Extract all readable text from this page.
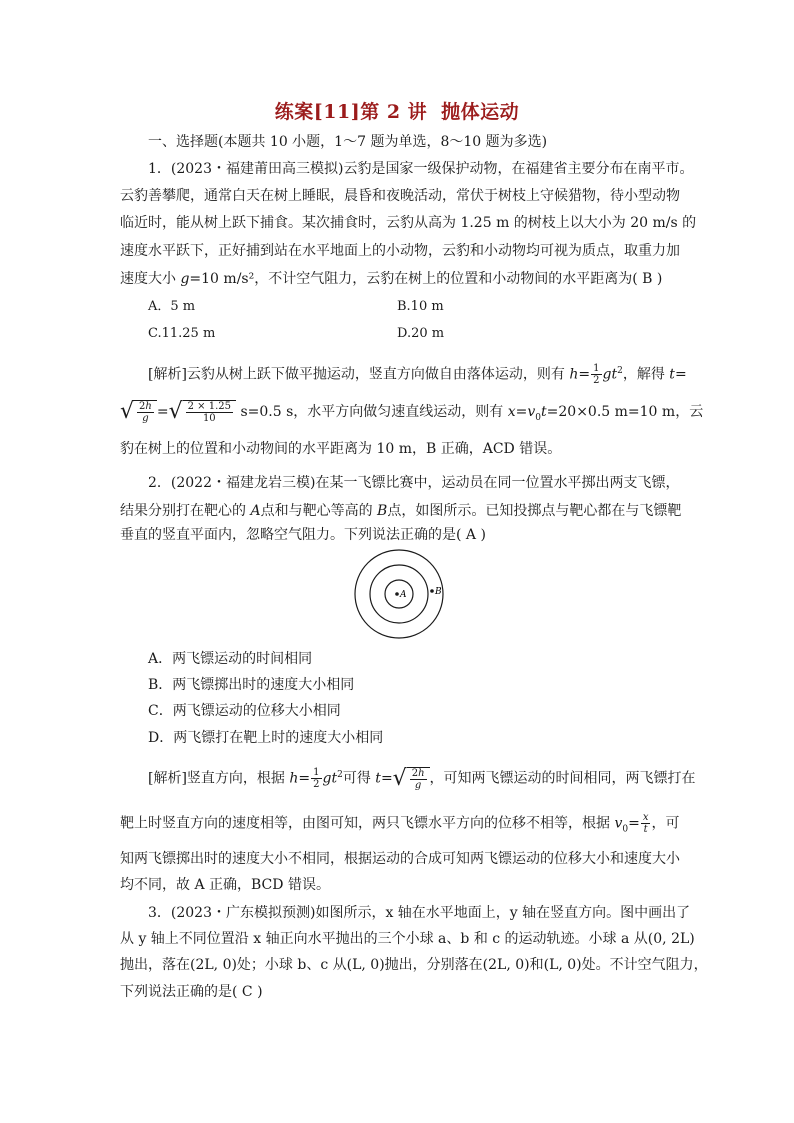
练案[11]第 2 讲 抛体运动
一、选择题(本题共 10 小题，1～7 题为单选，8～10 题为多选)
1．(2023・福建莆田高三模拟)云豹是国家一级保护动物，在福建省主要分布在南平市。
云豹善攀爬，通常白天在树上睡眠，晨昏和夜晚活动，常伏于树枝上守候猎物，待小型动物
临近时，能从树上跃下捕食。某次捕食时，云豹从高为 1.25 m 的树枝上以大小为 20 m/s 的
速度水平跃下，正好捕到站在水平地面上的小动物，云豹和小动物均可视为质点，取重力加
速度大小 g=10 m/s²，不计空气阻力，云豹在树上的位置和小动物间的水平距离为( B )
A．5 m	B.10 m
C.11.25 m	D.20 m
[解析]云豹从树上跃下做平抛运动，竖直方向做自由落体运动，则有 $h= \frac{1}{2} gt^2$，解得 t=
√ $\frac{2h}{g}$ = √ $\frac{2 \times 1.25}{10} s=0.5$ s，水平方向做匀速直线运动，则有 $x=v_0t=20\times 0.5$ m=10 m，云
豹在树上的位置和小动物间的水平距离为 10 m，B 正确，ACD 错误。
2．(2022・福建龙岩三模)在某一飞镖比赛中，运动员在同一位置水平掷出两支飞镖，
结果分别打在靶心的 A点和与靶心等高的 B点，如图所示。已知投掷点与靶心都在与飞镖靶
垂直的竖直平面内，忽略空气阻力。下列说法正确的是( A )
A	B
A．两飞镖运动的时间相同
B．两飞镖掷出时的速度大小相同
C．两飞镖运动的位移大小相同
D．两飞镖打在靶上时的速度大小相同
[解析]竖直方向，根据 $h= \frac{1}{2} gt^2$可得 t= √ $\frac{2h}{g}$ ，可知两飞镖运动的时间相同，两飞镖打在
靶上时竖直方向的速度相等，由图可知，两只飞镖水平方向的位移不相等，根据 $v_0= \frac{x}{t}$ ，可
知两飞镖掷出时的速度大小不相同，根据运动的合成可知两飞镖运动的位移大小和速度大小
均不同，故 A 正确，BCD 错误。
3．(2023・广东模拟预测)如图所示，x 轴在水平地面上，y 轴在竖直方向。图中画出了
从 y 轴上不同位置沿 x 轴正向水平抛出的三个小球 a、b 和 c 的运动轨迹。小球 a 从(0, 2L)
抛出，落在(2L, 0)处；小球 b、c 从(L, 0)抛出，分别落在(2L, 0)和(L, 0)处。不计空气阻力，
下列说法正确的是( C )
